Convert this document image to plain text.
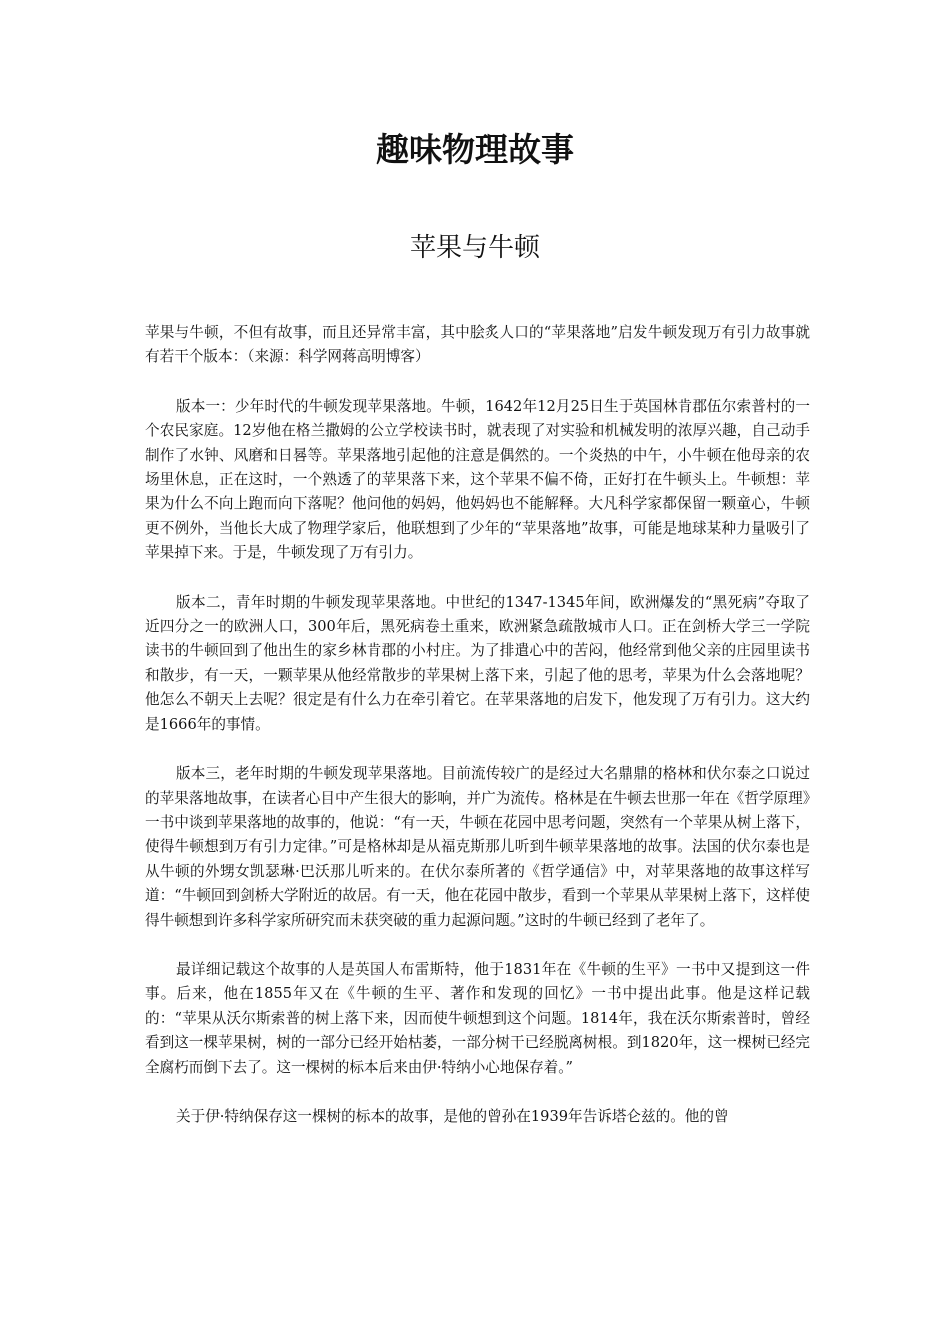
趣味物理故事
苹果与牛顿

苹果与牛顿，不但有故事，而且还异常丰富，其中脍炙人口的“苹果落地”启发牛顿发现万有引力故事就有若干个版本：（来源：科学网蒋高明博客）

版本一：少年时代的牛顿发现苹果落地。牛顿，1642年12月25日生于英国林肯郡伍尔索普村的一个农民家庭。12岁他在格兰撒姆的公立学校读书时，就表现了对实验和机械发明的浓厚兴趣，自己动手制作了水钟、风磨和日晷等。苹果落地引起他的注意是偶然的。一个炎热的中午，小牛顿在他母亲的农场里休息，正在这时，一个熟透了的苹果落下来，这个苹果不偏不倚，正好打在牛顿头上。牛顿想：苹果为什么不向上跑而向下落呢？他问他的妈妈，他妈妈也不能解释。大凡科学家都保留一颗童心，牛顿更不例外，当他长大成了物理学家后，他联想到了少年的“苹果落地”故事，可能是地球某种力量吸引了苹果掉下来。于是，牛顿发现了万有引力。

版本二，青年时期的牛顿发现苹果落地。中世纪的1347-1345年间，欧洲爆发的“黑死病”夺取了近四分之一的欧洲人口，300年后，黑死病卷土重来，欧洲紧急疏散城市人口。正在剑桥大学三一学院读书的牛顿回到了他出生的家乡林肯郡的小村庄。为了排遣心中的苦闷，他经常到他父亲的庄园里读书和散步，有一天，一颗苹果从他经常散步的苹果树上落下来，引起了他的思考，苹果为什么会落地呢？他怎么不朝天上去呢？很定是有什么力在牵引着它。在苹果落地的启发下，他发现了万有引力。这大约是1666年的事情。

版本三，老年时期的牛顿发现苹果落地。目前流传较广的是经过大名鼎鼎的格林和伏尔泰之口说过的苹果落地故事，在读者心目中产生很大的影响，并广为流传。格林是在牛顿去世那一年在《哲学原理》一书中谈到苹果落地的故事的，他说：“有一天，牛顿在花园中思考问题，突然有一个苹果从树上落下，使得牛顿想到万有引力定律。”可是格林却是从福克斯那儿听到牛顿苹果落地的故事。法国的伏尔泰也是从牛顿的外甥女凯瑟琳·巴沃那儿听来的。在伏尔泰所著的《哲学通信》中，对苹果落地的故事这样写道：“牛顿回到剑桥大学附近的故居。有一天，他在花园中散步，看到一个苹果从苹果树上落下，这样使得牛顿想到许多科学家所研究而未获突破的重力起源问题。”这时的牛顿已经到了老年了。

最详细记载这个故事的人是英国人布雷斯特，他于1831年在《牛顿的生平》一书中又提到这一件事。后来，他在1855年又在《牛顿的生平、著作和发现的回忆》一书中提出此事。他是这样记载的：“苹果从沃尔斯索普的树上落下来，因而使牛顿想到这个问题。1814年，我在沃尔斯索普时，曾经看到这一棵苹果树，树的一部分已经开始枯萎，一部分树干已经脱离树根。到1820年，这一棵树已经完全腐朽而倒下去了。这一棵树的标本后来由伊·特纳小心地保存着。”

关于伊·特纳保存这一棵树的标本的故事，是他的曾孙在1939年告诉塔仑兹的。他的曾
